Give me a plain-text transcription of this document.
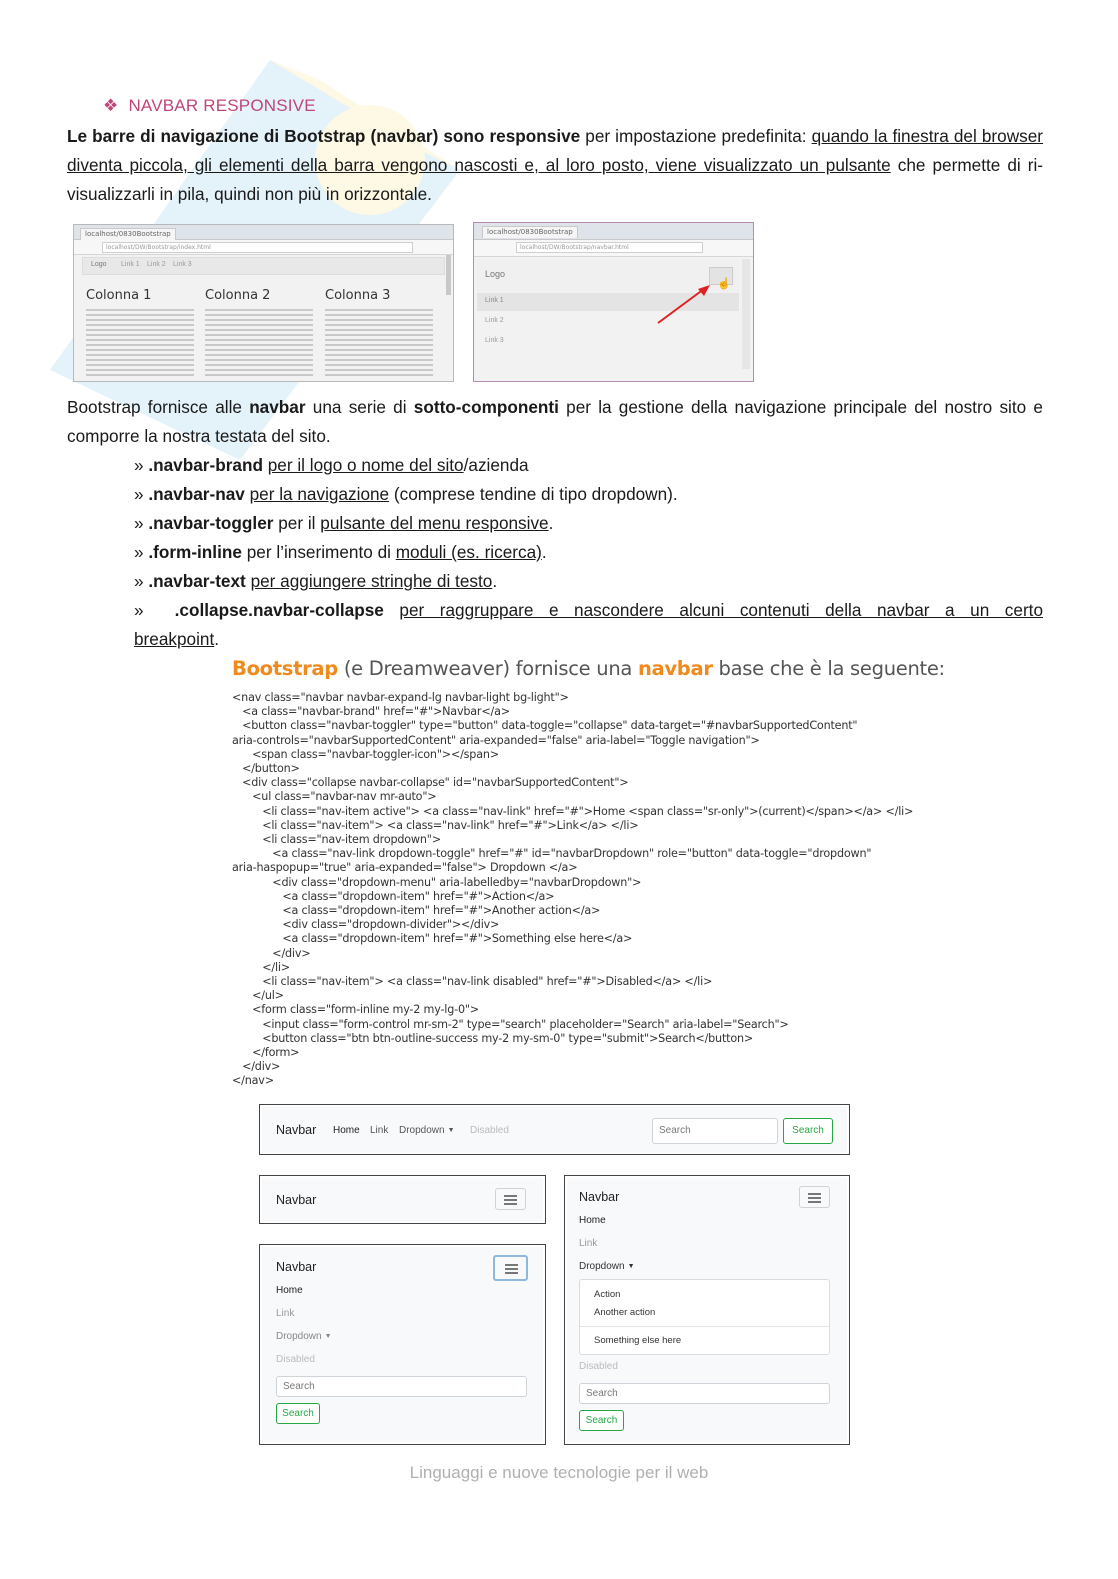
❖ NAVBAR RESPONSIVE
Le barre di navigazione di Bootstrap (navbar) sono responsive per impostazione predefinita: quando la finestra del browser diventa piccola, gli elementi della barra vengono nascosti e, al loro posto, viene visualizzato un pulsante che permette di ri-visualizzarli in pila, quindi non più in orizzontale.
localhost/0830Bootstrap
localhost/DW/Bootstrap/index.html
Logo Link 1 Link 2 Link 3
Colonna 1	Colonna 2	Colonna 3
localhost/0830Bootstrap
localhost/DW/Bootstrap/navbar.html
Logo
☝
Link 1
Link 2
Link 3
Bootstrap fornisce alle navbar una serie di sotto-componenti per la gestione della navigazione principale del nostro sito e comporre la nostra testata del sito.
» .navbar-brand per il logo o nome del sito/azienda
» .navbar-nav per la navigazione (comprese tendine di tipo dropdown).
» .navbar-toggler per il pulsante del menu responsive.
» .form-inline per l’inserimento di moduli (es. ricerca).
» .navbar-text per aggiungere stringhe di testo.
»  .collapse.navbar-collapse per raggruppare e nascondere alcuni contenuti della navbar a un certo
breakpoint.
Bootstrap (e Dreamweaver) fornisce una navbar base che è la seguente:
<nav class="navbar navbar-expand-lg navbar-light bg-light">
<a class="navbar-brand" href="#">Navbar</a>
<button class="navbar-toggler" type="button" data-toggle="collapse" data-target="#navbarSupportedContent"
aria-controls="navbarSupportedContent" aria-expanded="false" aria-label="Toggle navigation">
<span class="navbar-toggler-icon"></span>
</button>
<div class="collapse navbar-collapse" id="navbarSupportedContent">
<ul class="navbar-nav mr-auto">
<li class="nav-item active"> <a class="nav-link" href="#">Home <span class="sr-only">(current)</span></a> </li>
<li class="nav-item"> <a class="nav-link" href="#">Link</a> </li>
<li class="nav-item dropdown">
<a class="nav-link dropdown-toggle" href="#" id="navbarDropdown" role="button" data-toggle="dropdown"
aria-haspopup="true" aria-expanded="false"> Dropdown </a>
<div class="dropdown-menu" aria-labelledby="navbarDropdown">
<a class="dropdown-item" href="#">Action</a>
<a class="dropdown-item" href="#">Another action</a>
<div class="dropdown-divider"></div>
<a class="dropdown-item" href="#">Something else here</a>
</div>
</li>
<li class="nav-item"> <a class="nav-link disabled" href="#">Disabled</a> </li>
</ul>
<form class="form-inline my-2 my-lg-0">
<input class="form-control mr-sm-2" type="search" placeholder="Search" aria-label="Search">
<button class="btn btn-outline-success my-2 my-sm-0" type="submit">Search</button>
</form>
</div>
</nav>
Navbar Home Link Dropdown ▼ Disabled	Search	Search
Navbar
Navbar
Home
Link
Dropdown ▼
Disabled
Search
Search
Navbar
Home
Link
Dropdown ▼
Action
Another action
Something else here
Disabled
Search
Search
Linguaggi e nuove tecnologie per il web
